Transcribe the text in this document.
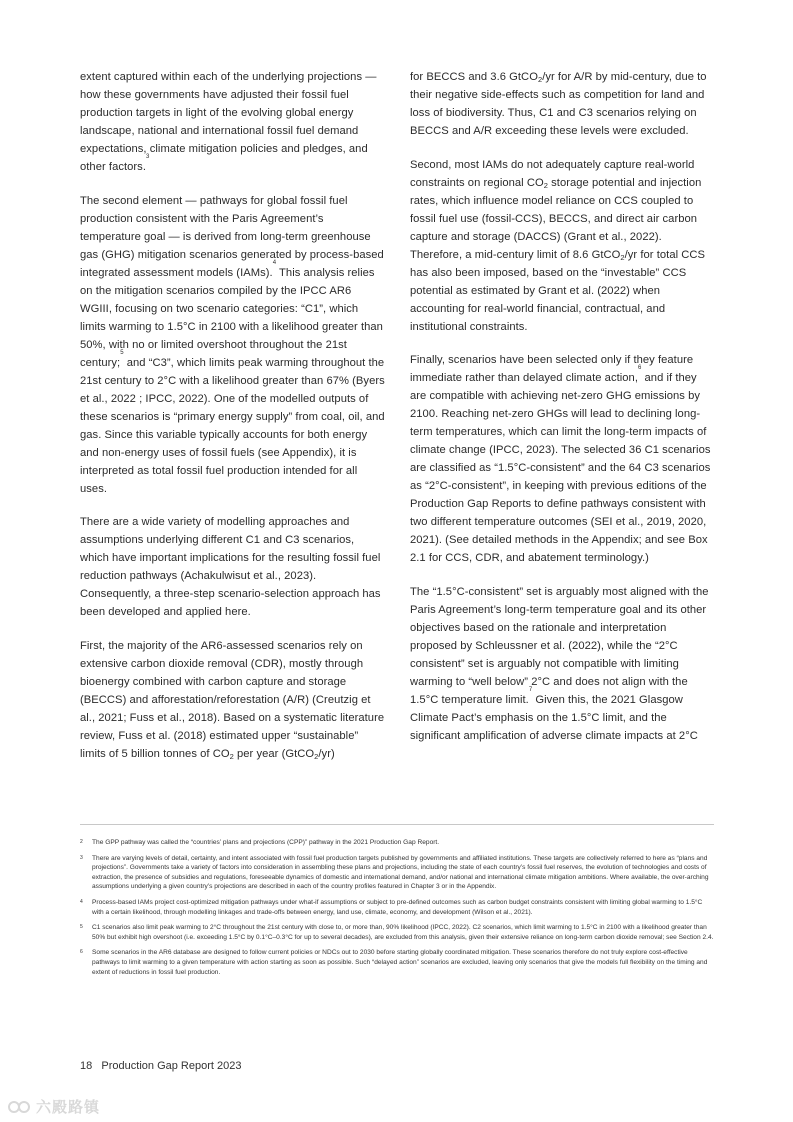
extent captured within each of the underlying projections — how these governments have adjusted their fossil fuel production targets in light of the evolving global energy landscape, national and international fossil fuel demand expectations, climate mitigation policies and pledges, and other factors.$^3$

The second element — pathways for global fossil fuel production consistent with the Paris Agreement’s temperature goal — is derived from long-term greenhouse gas (GHG) mitigation scenarios generated by process-based integrated assessment models (IAMs).$^4$ This analysis relies on the mitigation scenarios compiled by the IPCC AR6 WGIII, focusing on two scenario categories: “C1”, which limits warming to 1.5°C in 2100 with a likelihood greater than 50%, with no or limited overshoot throughout the 21st century;$^5$ and “C3”, which limits peak warming throughout the 21st century to 2°C with a likelihood greater than 67% (Byers et al., 2022 ; IPCC, 2022). One of the modelled outputs of these scenarios is “primary energy supply” from coal, oil, and gas. Since this variable typically accounts for both energy and non-energy uses of fossil fuels (see Appendix), it is interpreted as total fossil fuel production intended for all uses.

There are a wide variety of modelling approaches and assumptions underlying different C1 and C3 scenarios, which have important implications for the resulting fossil fuel reduction pathways (Achakulwisut et al., 2023). Consequently, a three-step scenario-selection approach has been developed and applied here.

First, the majority of the AR6-assessed scenarios rely on extensive carbon dioxide removal (CDR), mostly through bioenergy combined with carbon capture and storage (BECCS) and afforestation/reforestation (A/R) (Creutzig et al., 2021; Fuss et al., 2018). Based on a systematic literature review, Fuss et al. (2018) estimated upper “sustainable” limits of 5 billion tonnes of $CO_2$ per year (GtCO$_2$/yr)

for BECCS and 3.6 GtCO$_2$/yr for A/R by mid-century, due to their negative side-effects such as competition for land and loss of biodiversity. Thus, C1 and C3 scenarios relying on BECCS and A/R exceeding these levels were excluded.

Second, most IAMs do not adequately capture real-world constraints on regional $CO_2$ storage potential and injection rates, which influence model reliance on CCS coupled to fossil fuel use (fossil-CCS), BECCS, and direct air carbon capture and storage (DACCS) (Grant et al., 2022). Therefore, a mid-century limit of 8.6 GtCO$_2$/yr for total CCS has also been imposed, based on the “investable” CCS potential as estimated by Grant et al. (2022) when accounting for real-world financial, contractual, and institutional constraints.

Finally, scenarios have been selected only if they feature immediate rather than delayed climate action,$^6$ and if they are compatible with achieving net-zero GHG emissions by 2100. Reaching net-zero GHGs will lead to declining long-term temperatures, which can limit the long-term impacts of climate change (IPCC, 2023). The selected 36 C1 scenarios are classified as “1.5°C-consistent” and the 64 C3 scenarios as “2°C-consistent”, in keeping with previous editions of the Production Gap Reports to define pathways consistent with two different temperature outcomes (SEI et al., 2019, 2020, 2021). (See detailed methods in the Appendix; and see Box 2.1 for CCS, CDR, and abatement terminology.)

The “1.5°C-consistent” set is arguably most aligned with the Paris Agreement’s long-term temperature goal and its other objectives based on the rationale and interpretation proposed by Schleussner et al. (2022), while the “2°C consistent” set is arguably not compatible with limiting warming to “well below” 2°C and does not align with the 1.5°C temperature limit.$^7$ Given this, the 2021 Glasgow Climate Pact’s emphasis on the 1.5°C limit, and the significant amplification of adverse climate impacts at 2°C

2 The GPP pathway was called the “countries’ plans and projections (CPP)” pathway in the 2021 Production Gap Report.
3 There are varying levels of detail, certainty, and intent associated with fossil fuel production targets published by governments and affiliated institutions. These targets are collectively referred to here as “plans and projections”. Governments take a variety of factors into consideration in assembling these plans and projections, including the state of each country’s fossil fuel reserves, the evolution of technologies and costs of extraction, the presence of subsidies and regulations, foreseeable dynamics of domestic and international demand, and/or national and international climate mitigation ambitions. Where available, the over-arching assumptions underlying a given country’s projections are described in each of the country profiles featured in Chapter 3 or in the Appendix.
4 Process-based IAMs project cost-optimized mitigation pathways under what-if assumptions or subject to pre-defined outcomes such as carbon budget constraints consistent with limiting global warming to 1.5°C with a certain likelihood, through modelling linkages and trade-offs between energy, land use, climate, economy, and development (Wilson et al., 2021).
5 C1 scenarios also limit peak warming to 2°C throughout the 21st century with close to, or more than, 90% likelihood (IPCC, 2022). C2 scenarios, which limit warming to 1.5°C in 2100 with a likelihood greater than 50% but exhibit high overshoot (i.e. exceeding 1.5°C by 0.1°C–0.3°C for up to several decades), are excluded from this analysis, given their extensive reliance on long-term carbon dioxide removal; see Section 2.4.
6 Some scenarios in the AR6 database are designed to follow current policies or NDCs out to 2030 before starting globally coordinated mitigation. These scenarios therefore do not truly explore cost-effective pathways to limit warming to a given temperature with action starting as soon as possible. Such “delayed action” scenarios are excluded, leaving only scenarios that give the models full flexibility on the timing and extent of reductions in fossil fuel production.
18 Production Gap Report 2023
六殿路镇
